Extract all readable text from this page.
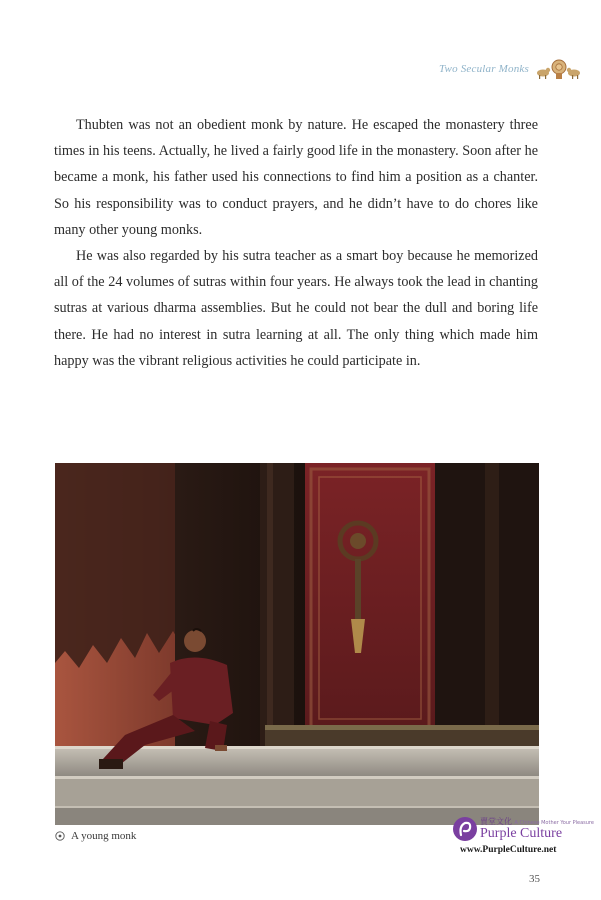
Two Secular Monks

Thubten was not an obedient monk by nature. He escaped the monastery three times in his teens. Actually, he lived a fairly good life in the monastery. Soon after he became a monk, his father used his connections to find him a position as a chanter. So his responsibility was to conduct prayers, and he didn’t have to do chores like many other young monks.

He was also regarded by his sutra teacher as a smart boy because he memorized all of the 24 volumes of sutras within four years. He always took the lead in chanting sutras at various dharma assemblies. But he could not bear the dull and boring life there. He had no interest in sutra learning at all. The only thing which made him happy was the vibrant religious activities he could participate in.

A young monk
賣堂文化 A Chinese Mother Your Pleasure
Purple Culture
www.PurpleCulture.net
35
